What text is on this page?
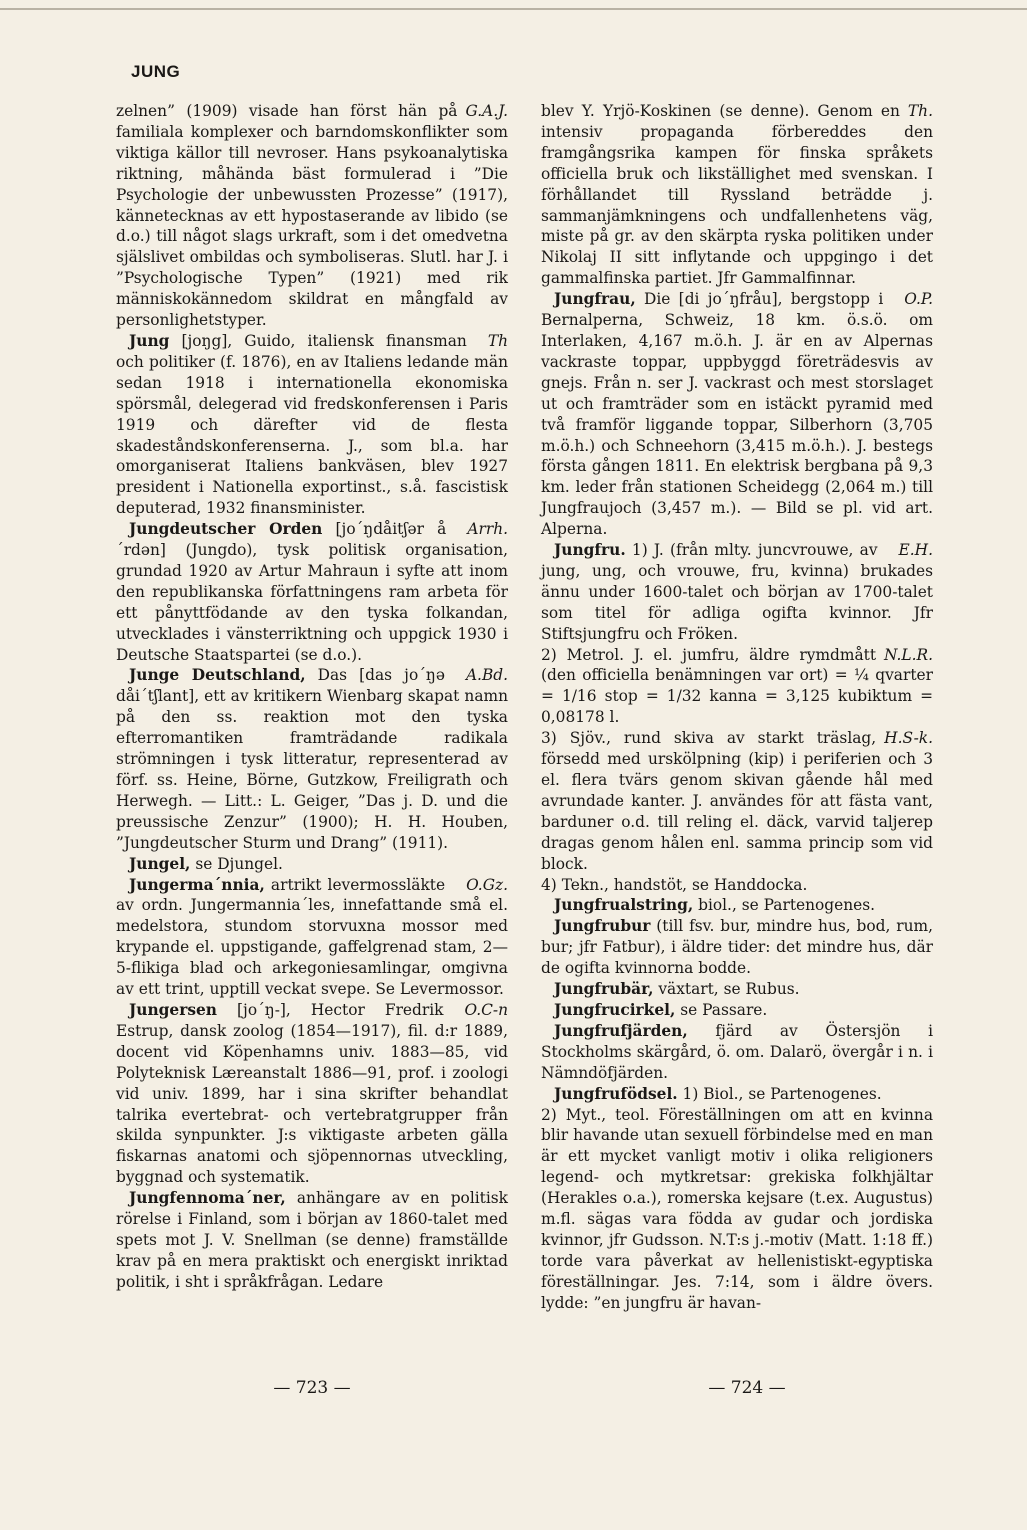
JUNG

G.A.J.
zelnen” (1909) visade han först hän på familiala komplexer och barndomskonflikter som viktiga källor till nevroser. Hans psykoanalytiska riktning, måhända bäst formulerad i ”Die Psychologie der unbewussten Prozesse” (1917), kännetecknas av ett hypostaserande av libido (se d.o.) till något slags urkraft, som i det omedvetna själslivet ombildas och symboliseras. Slutl. har J. i ”Psychologische Typen” (1921) med rik människokännedom skildrat en mångfald av personlighetstyper.

Th
Jung [joŋg], Guido, italiensk finansman och politiker (f. 1876), en av Italiens ledande män sedan 1918 i internationella ekonomiska spörsmål, delegerad vid fredskonferensen i Paris 1919 och därefter vid de flesta skadeståndskonferenserna. J., som bl.a. har omorganiserat Italiens bankväsen, blev 1927 president i Nationella exportinst., s.å. fascistisk deputerad, 1932 finansminister.

Arrh.
Jungdeutscher Orden [jo´ŋdåitʃər å´rdən] (Jungdo), tysk politisk organisation, grundad 1920 av Artur Mahraun i syfte att inom den republikanska författningens ram arbeta för ett pånyttfödande av den tyska folkandan, utvecklades i vänsterriktning och uppgick 1930 i Deutsche Staatspartei (se d.o.).

A.Bd.
Junge Deutschland, Das [das jo´ŋə dåi´tʃlant], ett av kritikern Wienbarg skapat namn på den ss. reaktion mot den tyska efterromantiken framträdande radikala strömningen i tysk litteratur, representerad av förf. ss. Heine, Börne, Gutzkow, Freiligrath och Herwegh. — Litt.: L. Geiger, ”Das j. D. und die preussische Zenzur” (1900); H. H. Houben, ”Jungdeutscher Sturm und Drang” (1911).

Jungel, se Djungel.

O.Gz.
Jungerma´nnia, artrikt levermossläkte av ordn. Jungermannia´les, innefattande små el. medelstora, stundom storvuxna mossor med krypande el. uppstigande, gaffelgrenad stam, 2—5-flikiga blad och arkegoniesamlingar, omgivna av ett trint, upptill veckat svepe. Se Levermossor.

O.C-n
Jungersen [jo´ŋ-], Hector Fredrik Estrup, dansk zoolog (1854—1917), fil. d:r 1889, docent vid Köpenhamns univ. 1883—85, vid Polyteknisk Læreanstalt 1886—91, prof. i zoologi vid univ. 1899, har i sina skrifter behandlat talrika evertebrat- och vertebratgrupper från skilda synpunkter. J:s viktigaste arbeten gälla fiskarnas anatomi och sjöpennornas utveckling, byggnad och systematik.

Jungfennoma´ner, anhängare av en politisk rörelse i Finland, som i början av 1860-talet med spets mot J. V. Snellman (se denne) framställde krav på en mera praktiskt och energiskt inriktad politik, i sht i språkfrågan. Ledare

Th.
blev Y. Yrjö-Koskinen (se denne). Genom en intensiv propaganda förbereddes den framgångsrika kampen för finska språkets officiella bruk och likställighet med svenskan. I förhållandet till Ryssland beträdde j. sammanjämkningens och undfallenhetens väg, miste på gr. av den skärpta ryska politiken under Nikolaj II sitt inflytande och uppgingo i det gammalfinska partiet. Jfr Gammalfinnar.

O.P.
Jungfrau, Die [di jo´ŋfråu], bergstopp i Bernalperna, Schweiz, 18 km. ö.s.ö. om Interlaken, 4,167 m.ö.h. J. är en av Alpernas vackraste toppar, uppbyggd företrädesvis av gnejs. Från n. ser J. vackrast och mest storslaget ut och framträder som en istäckt pyramid med två framför liggande toppar, Silberhorn (3,705 m.ö.h.) och Schneehorn (3,415 m.ö.h.). J. bestegs första gången 1811. En elektrisk bergbana på 9,3 km. leder från stationen Scheidegg (2,064 m.) till Jungfraujoch (3,457 m.). — Bild se pl. vid art. Alperna.

E.H.
Jungfru. 1) J. (från mlty. juncvrouwe, av jung, ung, och vrouwe, fru, kvinna) brukades ännu under 1600-talet och början av 1700-talet som titel för adliga ogifta kvinnor. Jfr Stiftsjungfru och Fröken.

N.L.R.
2) Metrol. J. el. jumfru, äldre rymdmått (den officiella benämningen var ort) = ¼ qvarter = 1/16 stop = 1/32 kanna = 3,125 kubiktum = 0,08178 l.

H.S-k.
3) Sjöv., rund skiva av starkt träslag, försedd med urskölpning (kip) i periferien och 3 el. flera tvärs genom skivan gående hål med avrundade kanter. J. användes för att fästa vant, barduner o.d. till reling el. däck, varvid taljerep dragas genom hålen enl. samma princip som vid block.

4) Tekn., handstöt, se Handdocka.

Jungfrualstring, biol., se Partenogenes.

Jungfrubur (till fsv. bur, mindre hus, bod, rum, bur; jfr Fatbur), i äldre tider: det mindre hus, där de ogifta kvinnorna bodde.

Jungfrubär, växtart, se Rubus.

Jungfrucirkel, se Passare.

Jungfrufjärden, fjärd av Östersjön i Stockholms skärgård, ö. om. Dalarö, övergår i n. i Nämndöfjärden.

Jungfrufödsel. 1) Biol., se Partenogenes.

2) Myt., teol. Föreställningen om att en kvinna blir havande utan sexuell förbindelse med en man är ett mycket vanligt motiv i olika religioners legend- och mytkretsar: grekiska folkhjältar (Herakles o.a.), romerska kejsare (t.ex. Augustus) m.fl. sägas vara födda av gudar och jordiska kvinnor, jfr Gudsson. N.T:s j.-motiv (Matt. 1:18 ff.) torde vara påverkat av hellenistiskt-egyptiska föreställningar. Jes. 7:14, som i äldre övers. lydde: ”en jungfru är havan-

— 723 —	— 724 —
